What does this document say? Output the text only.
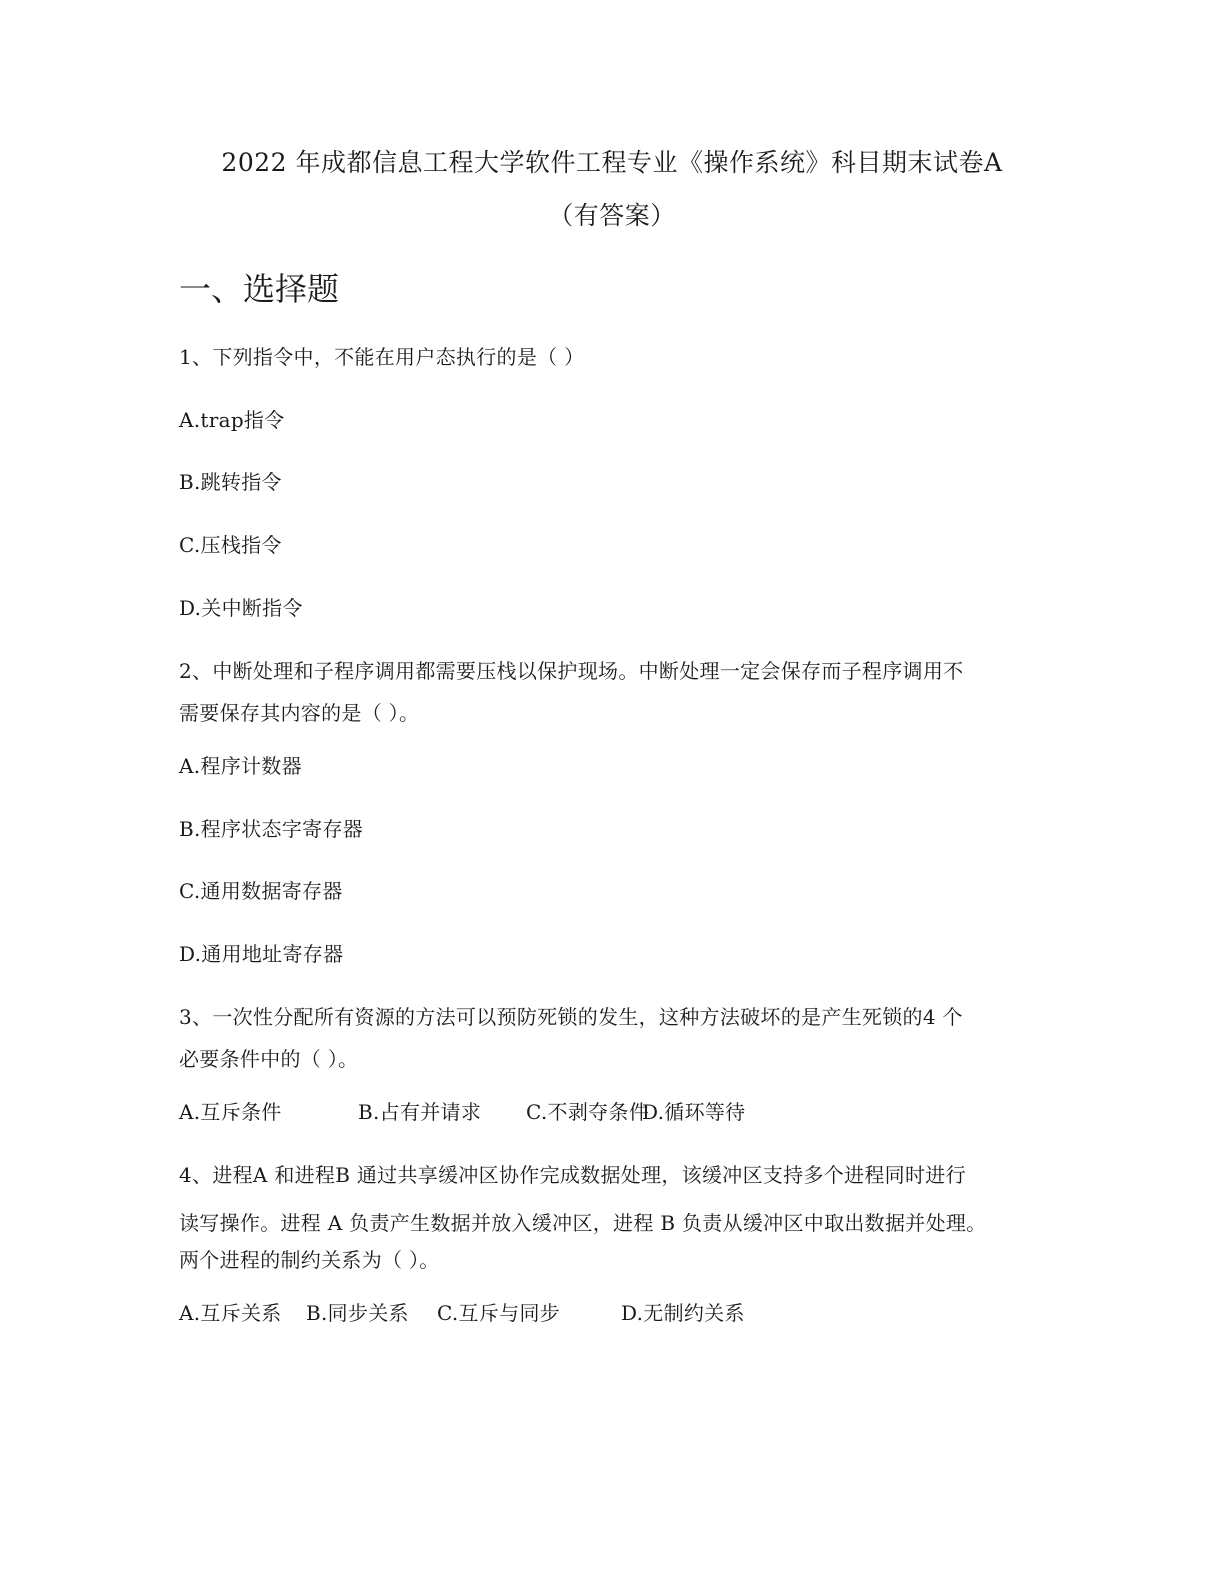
2022 年成都信息工程大学软件工程专业《操作系统》科目期末试卷A
（有答案）
一、选择题
1、下列指令中，不能在用户态执行的是（ ）
A.trap指令
B.跳转指令
C.压栈指令
D.关中断指令
2、中断处理和子程序调用都需要压栈以保护现场。中断处理一定会保存而子程序调用不
需要保存其内容的是（ ）。
A.程序计数器
B.程序状态字寄存器
C.通用数据寄存器
D.通用地址寄存器
3、一次性分配所有资源的方法可以预防死锁的发生，这种方法破坏的是产生死锁的4 个
必要条件中的（ ）。
A.互斥条件	B.占有并请求 C.不剥夺条件
D.循环等待
4、进程A 和进程B 通过共享缓冲区协作完成数据处理，该缓冲区支持多个进程同时进行
读写操作。进程 A 负责产生数据并放入缓冲区，进程 B 负责从缓冲区中取出数据并处理。
两个进程的制约关系为（ ）。
A.互斥关系 B.同步关系 C.互斥与同步	D.无制约关系
